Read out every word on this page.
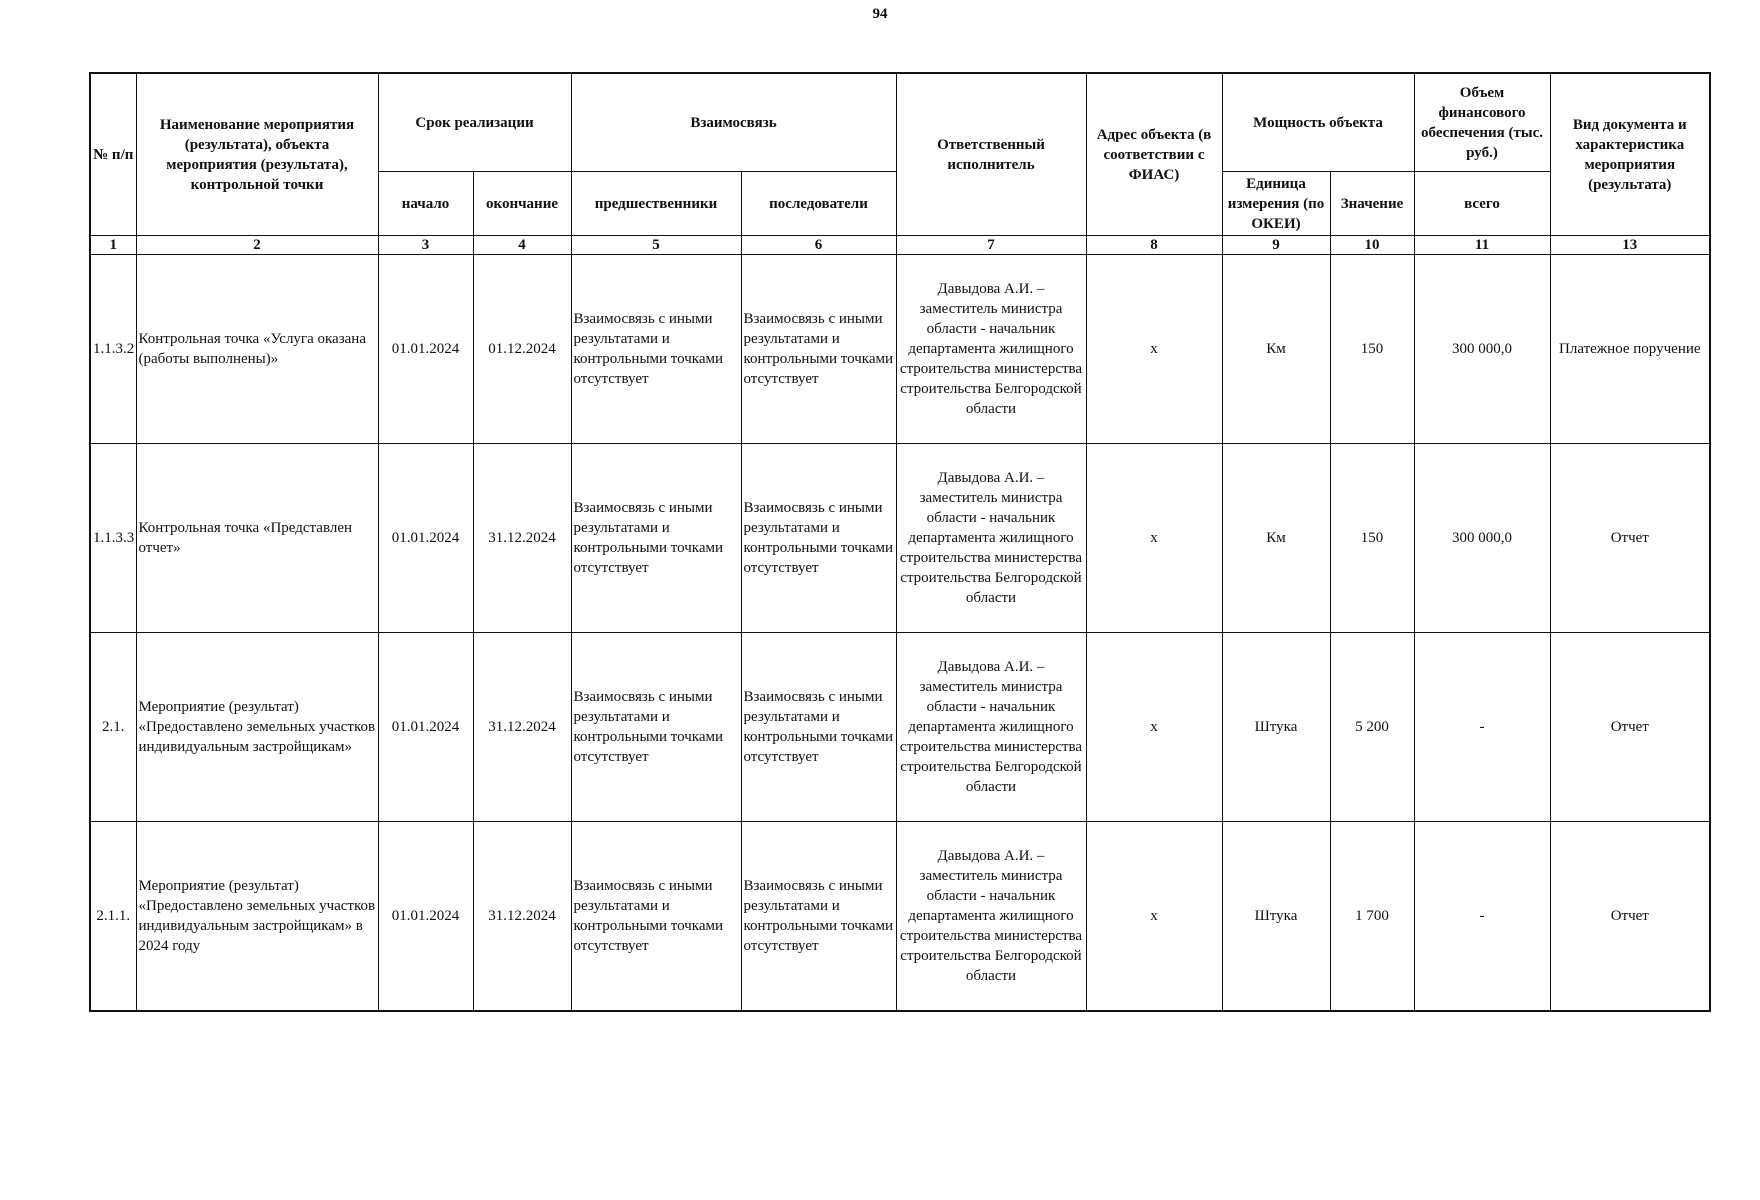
94
№ п/п	Наименование мероприятия (результата), объекта мероприятия (результата), контрольной точки	Срок реализации		Взаимосвязь		Ответственный исполнитель	Адрес объекта (в соответствии с ФИАС)	Мощность объекта		Объем финансового обеспечения (тыс. руб.)	Вид документа и характеристика мероприятия (результата)
		начало	окончание	предшественники	последователи			Единица измерения (по ОКЕИ)	Значение	всего	
1	2	3	4	5	6	7	8	9	10	11	13
1.1.3.2	Контрольная точка «Услуга оказана (работы выполнены)»	01.01.2024	01.12.2024	Взаимосвязь с иными результатами и контрольными точками отсутствует	Взаимосвязь с иными результатами и контрольными точками отсутствует	Давыдова А.И. – заместитель министра области - начальник департамента жилищного строительства министерства строительства Белгородской области	х	Км	150	300 000,0	Платежное поручение
1.1.3.3	Контрольная точка «Представлен отчет»	01.01.2024	31.12.2024	Взаимосвязь с иными результатами и контрольными точками отсутствует	Взаимосвязь с иными результатами и контрольными точками отсутствует	Давыдова А.И. – заместитель министра области - начальник департамента жилищного строительства министерства строительства Белгородской области	х	Км	150	300 000,0	Отчет
2.1.	Мероприятие (результат) «Предоставлено земельных участков индивидуальным застройщикам»	01.01.2024	31.12.2024	Взаимосвязь с иными результатами и контрольными точками отсутствует	Взаимосвязь с иными результатами и контрольными точками отсутствует	Давыдова А.И. – заместитель министра области - начальник департамента жилищного строительства министерства строительства Белгородской области	х	Штука	5 200	-	Отчет
2.1.1.	Мероприятие (результат) «Предоставлено земельных участков индивидуальным застройщикам» в 2024 году	01.01.2024	31.12.2024	Взаимосвязь с иными результатами и контрольными точками отсутствует	Взаимосвязь с иными результатами и контрольными точками отсутствует	Давыдова А.И. – заместитель министра области - начальник департамента жилищного строительства министерства строительства Белгородской области	х	Штука	1 700	-	Отчет
